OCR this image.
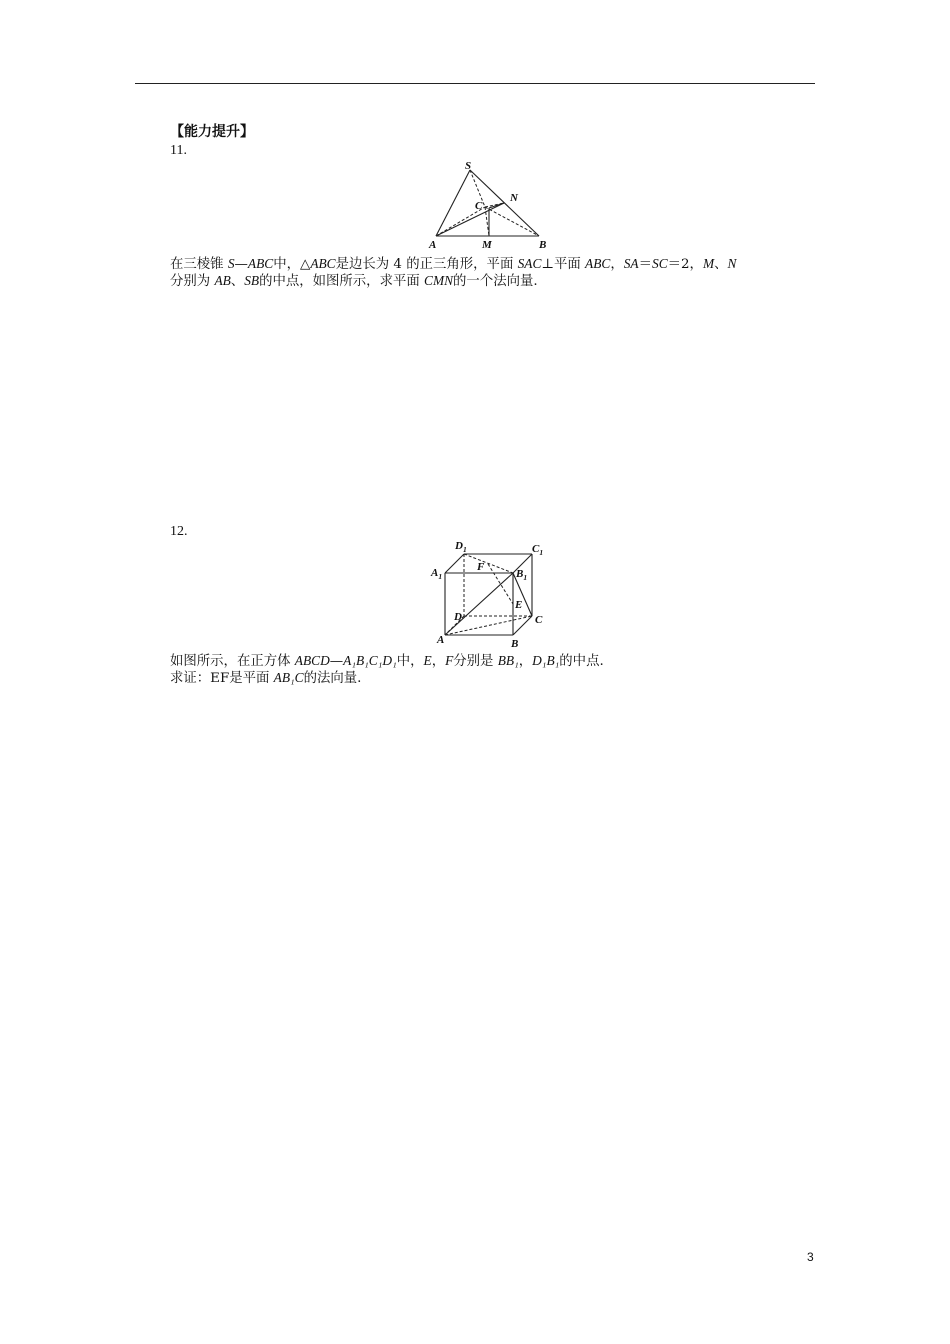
【能力提升】
11.
S
C
N
A	M	B
在三棱锥 S—ABC中，△ABC是边长为 4 的正三角形，平面 SAC⊥平面 ABC，SA＝SC＝2，M、N
分别为 AB、SB的中点，如图所示，求平面 CMN的一个法向量.
12.
$D_1$	$C_1$
$A_1$	$B_1$
F
E
D	C
A	B
如图所示，在正方体 ABCD—A₁B₁C₁D₁中，E，F分别是 BB₁，D₁B₁的中点.
求证：EF是平面 AB₁C的法向量.
3
